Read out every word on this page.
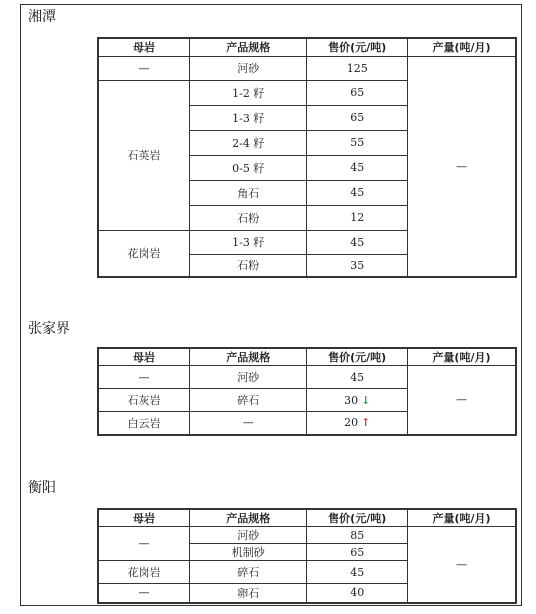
湘潭
母岩	产品规格	售价(元/吨)	产量(吨/月)
—	河砂	125	—
石英岩	1-2 籽	65	
	1-3 籽	65	
	2-4 籽	55	
	0-5 籽	45	
	角石	45	
	石粉	12	
花岗岩	1-3 籽	45	
	石粉	35	
张家界
母岩	产品规格	售价(元/吨)	产量(吨/月)
—	河砂	45	—
石灰岩	碎石	30 ↓	
白云岩	—	20 ↑	
衡阳
母岩	产品规格	售价(元/吨)	产量(吨/月)
—	河砂	85	—
	机制砂	65	
花岗岩	碎石	45	
—	卵石	40	
